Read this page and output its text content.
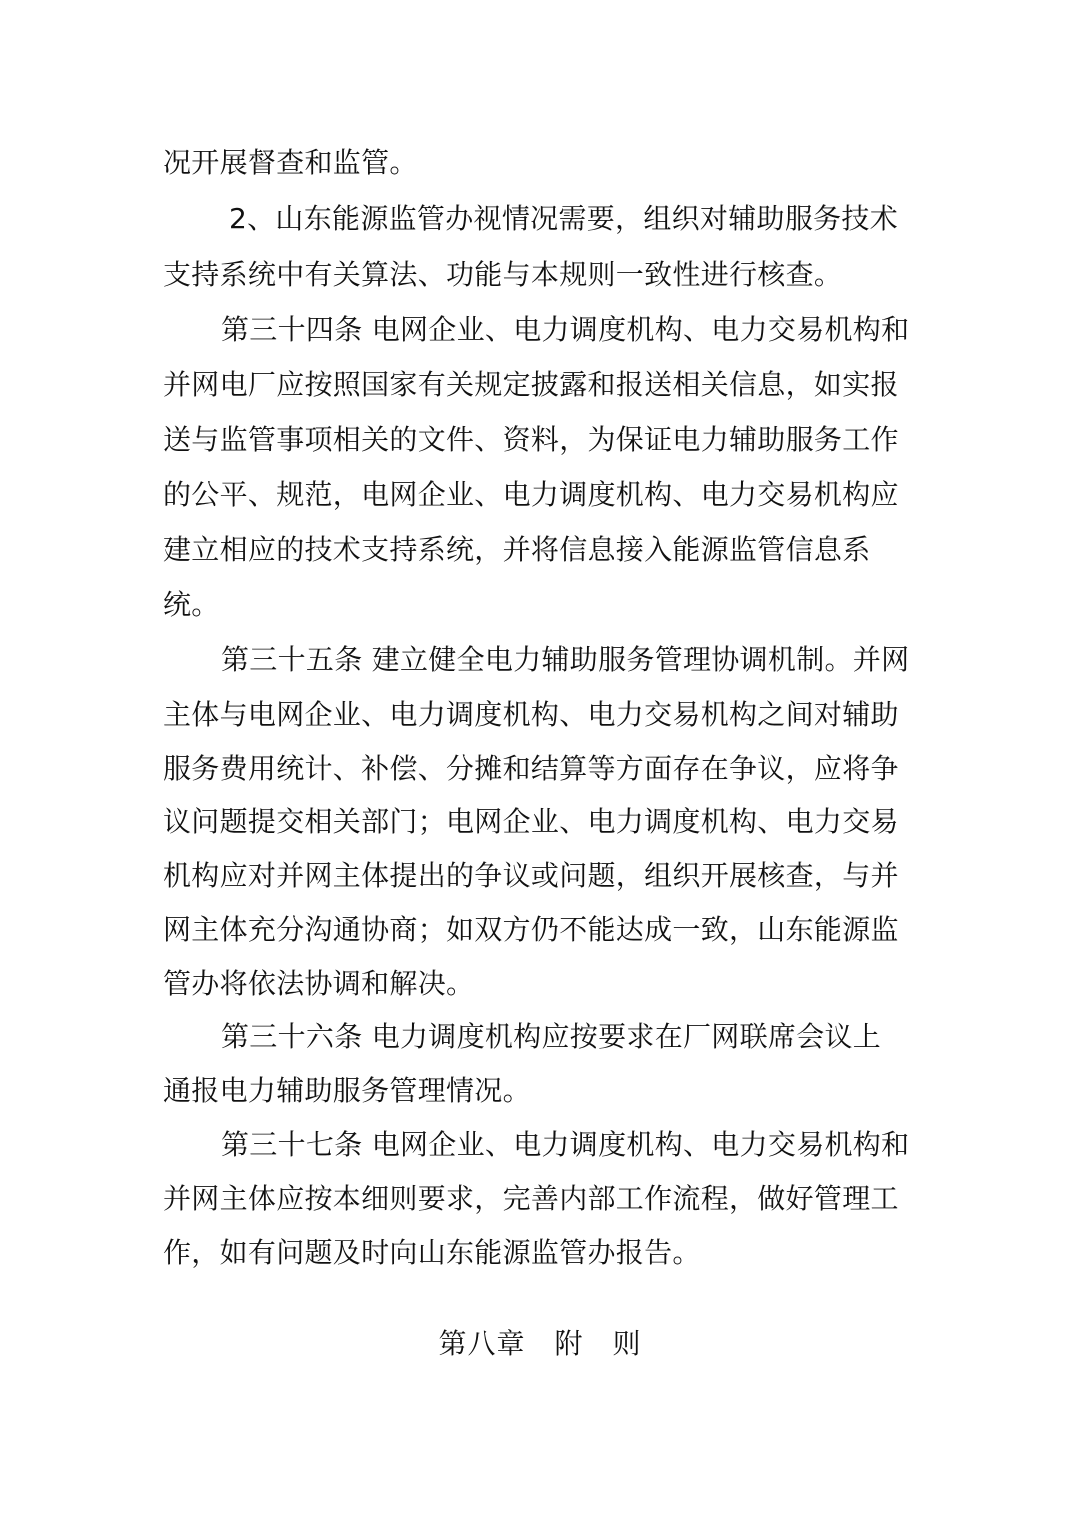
况开展督查和监管。
2、山东能源监管办视情况需要，组织对辅助服务技术
支持系统中有关算法、功能与本规则一致性进行核查。
第三十四条 电网企业、电力调度机构、电力交易机构和
并网电厂应按照国家有关规定披露和报送相关信息，如实报
送与监管事项相关的文件、资料，为保证电力辅助服务工作
的公平、规范，电网企业、电力调度机构、电力交易机构应
建立相应的技术支持系统，并将信息接入能源监管信息系
统。
第三十五条 建立健全电力辅助服务管理协调机制。并网
主体与电网企业、电力调度机构、电力交易机构之间对辅助
服务费用统计、补偿、分摊和结算等方面存在争议，应将争
议问题提交相关部门；电网企业、电力调度机构、电力交易
机构应对并网主体提出的争议或问题，组织开展核查，与并
网主体充分沟通协商；如双方仍不能达成一致，山东能源监
管办将依法协调和解决。
第三十六条 电力调度机构应按要求在厂网联席会议上
通报电力辅助服务管理情况。
第三十七条 电网企业、电力调度机构、电力交易机构和
并网主体应按本细则要求，完善内部工作流程，做好管理工
作，如有问题及时向山东能源监管办报告。
第八章　附　则
